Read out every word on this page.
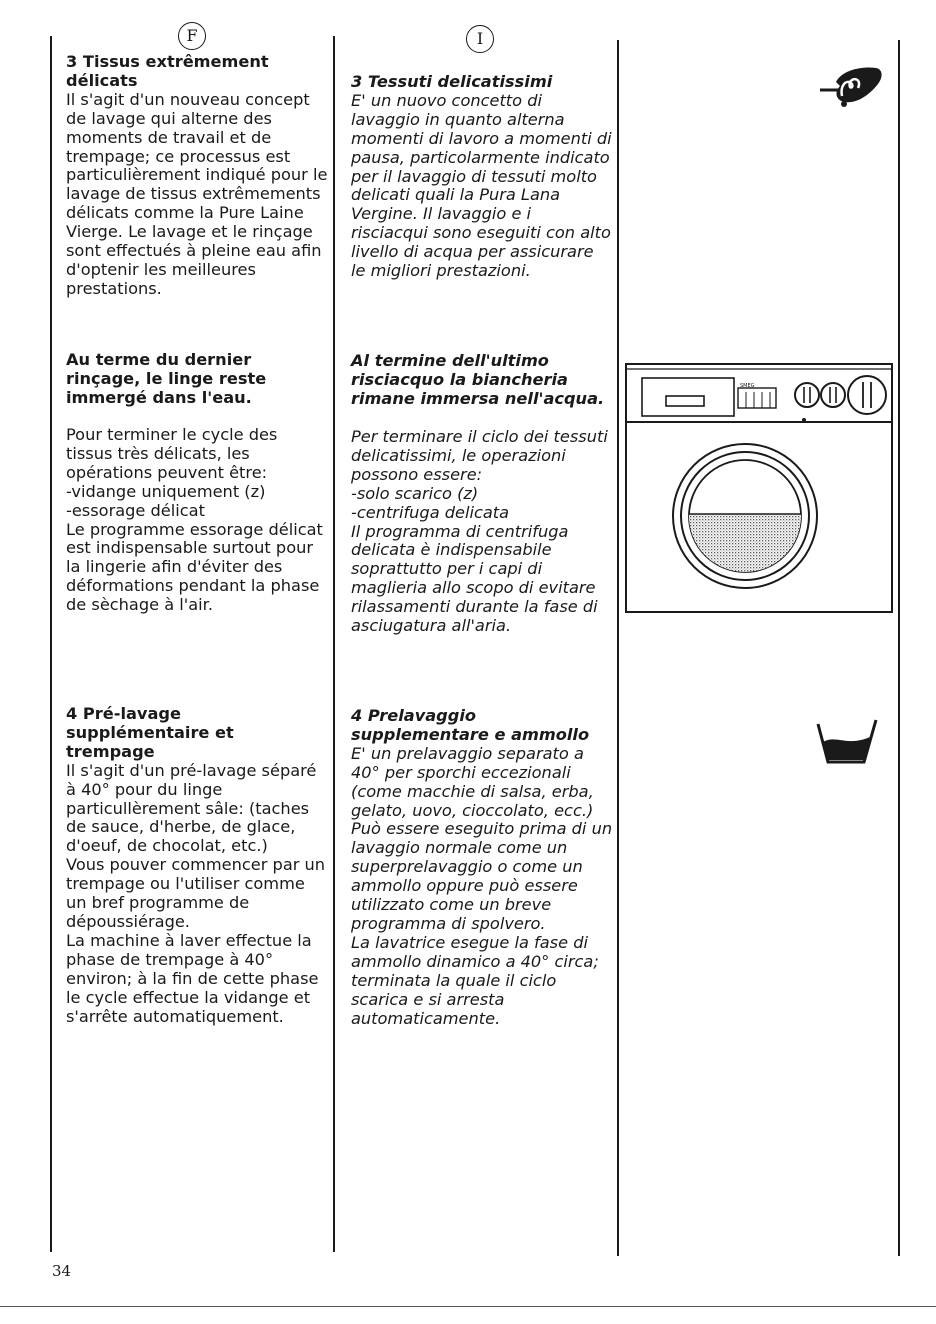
F	I

3 Tissus extrêmement délicats

Il s'agit d'un nouveau concept de lavage qui alterne des moments de travail et de trempage; ce processus est particulièrement indiqué pour le lavage de tissus extrêmements délicats comme la Pure Laine Vierge. Le lavage et le rinçage sont effectués à pleine eau afin d'optenir les meilleures prestations.

Au terme du dernier rinçage, le linge reste immergé dans l'eau.

Pour terminer le cycle des tissus très délicats, les opérations peuvent être:
-vidange uniquement (z)
-essorage délicat
Le programme essorage délicat est indispensable surtout pour la lingerie afin d'éviter des déformations pendant la phase de sèchage à l'air.

4 Pré-lavage
supplémentaire et trempage

Il s'agit d'un pré-lavage séparé à 40° pour du linge particullèrement sâle: (taches de sauce, d'herbe, de glace, d'oeuf, de chocolat, etc.)
Vous pouver commencer par un trempage ou l'utiliser comme un bref programme de dépoussiérage.
La machine à laver effectue la phase de trempage à 40° environ; à la fin de cette phase le cycle effectue la vidange et s'arrête automatiquement.

3 Tessuti delicatissimi

E' un nuovo concetto di lavaggio in quanto alterna momenti di lavoro a momenti di pausa, particolarmente indicato per il lavaggio di tessuti molto delicati quali la Pura Lana Vergine. Il lavaggio e i risciacqui sono eseguiti con alto livello di acqua per assicurare le migliori prestazioni.

Al termine dell'ultimo risciacquo la biancheria rimane immersa nell'acqua.

Per terminare il ciclo dei tessuti delicatissimi, le operazioni possono essere:
-solo scarico (z)
-centrifuga delicata
Il programma di centrifuga delicata è indispensabile soprattutto per i capi di maglieria allo scopo di evitare rilassamenti durante la fase di asciugatura all'aria.

4 Prelavaggio
supplementare e ammollo

E' un prelavaggio separato a 40° per sporchi eccezionali (come macchie di salsa, erba, gelato, uovo, cioccolato, ecc.)
Può essere eseguito prima di un lavaggio normale come un superprelavaggio o come un ammollo oppure può essere utilizzato come un breve programma di spolvero.
La lavatrice esegue la fase di ammollo dinamico a 40° circa; terminata la quale il ciclo scarica e si arresta automaticamente.

SMEG
34
